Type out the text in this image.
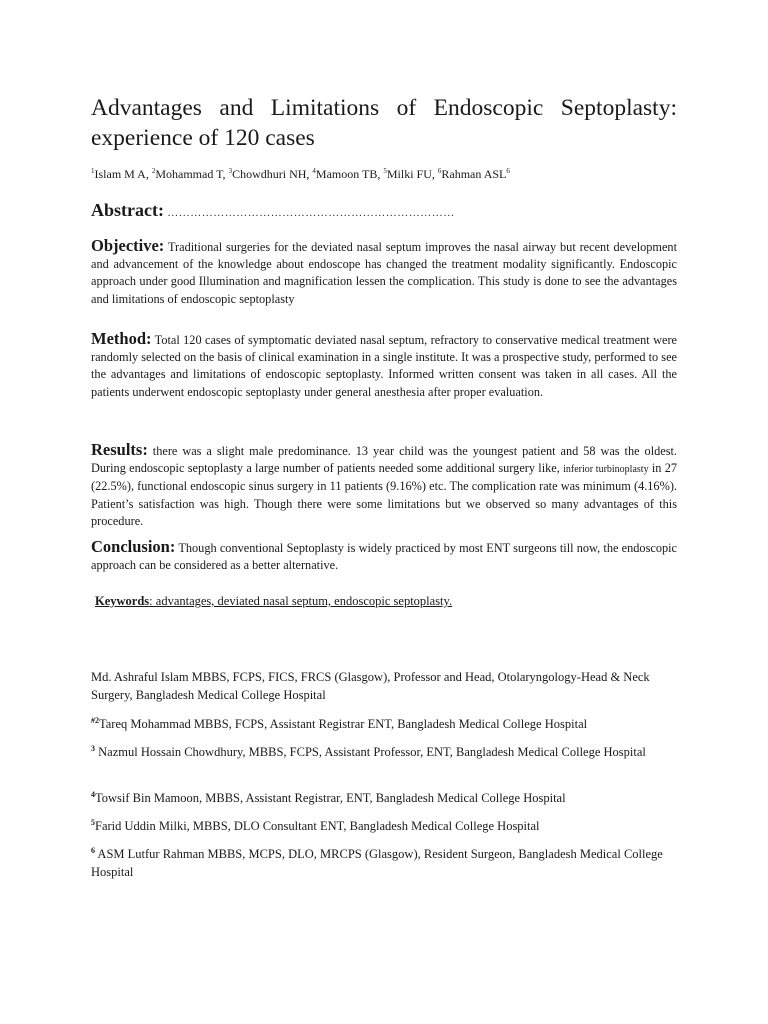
Advantages and Limitations of Endoscopic Septoplasty:
experience of 120 cases
$^1$Islam M A, $^2$Mohammad T, $^3$Chowdhuri NH, $^4$Mamoon TB, $^5$Milki FU, $^6$Rahman ASL$^6$
Abstract: …………………………………………………………………

Objective: Traditional surgeries for the deviated nasal septum improves the nasal airway but recent development and advancement of the knowledge about endoscope has changed the treatment modality significantly. Endoscopic approach under good Illumination and magnification lessen the complication. This study is done to see the advantages and limitations of endoscopic septoplasty

Method: Total 120 cases of symptomatic deviated nasal septum, refractory to conservative medical treatment were randomly selected on the basis of clinical examination in a single institute. It was a prospective study, performed to see the advantages and limitations of endoscopic septoplasty. Informed written consent was taken in all cases. All the patients underwent endoscopic septoplasty under general anesthesia after proper evaluation.

Results: there was a slight male predominance. 13 year child was the youngest patient and 58 was the oldest. During endoscopic septoplasty a large number of patients needed some additional surgery like, inferior turbinoplasty in 27 (22.5%), functional endoscopic sinus surgery in 11 patients (9.16%) etc. The complication rate was minimum (4.16%). Patient’s satisfaction was high. Though there were some limitations but we observed so many advantages of this procedure.

Conclusion: Though conventional Septoplasty is widely practiced by most ENT surgeons till now, the endoscopic approach can be considered as a better alternative.

Keywords: advantages, deviated nasal septum, endoscopic septoplasty.

Md. Ashraful Islam MBBS, FCPS, FICS, FRCS (Glasgow), Professor and Head, Otolaryngology-Head & Neck Surgery, Bangladesh Medical College Hospital

$^{\#2}$Tareq Mohammad MBBS, FCPS, Assistant Registrar ENT, Bangladesh Medical College Hospital

$^3$ Nazmul Hossain Chowdhury, MBBS, FCPS, Assistant Professor, ENT, Bangladesh Medical College Hospital

$^4$Towsif Bin Mamoon, MBBS, Assistant Registrar, ENT, Bangladesh Medical College Hospital

$^5$Farid Uddin Milki, MBBS, DLO Consultant ENT, Bangladesh Medical College Hospital

$^6$ ASM Lutfur Rahman MBBS, MCPS, DLO, MRCPS (Glasgow), Resident Surgeon, Bangladesh Medical College Hospital
